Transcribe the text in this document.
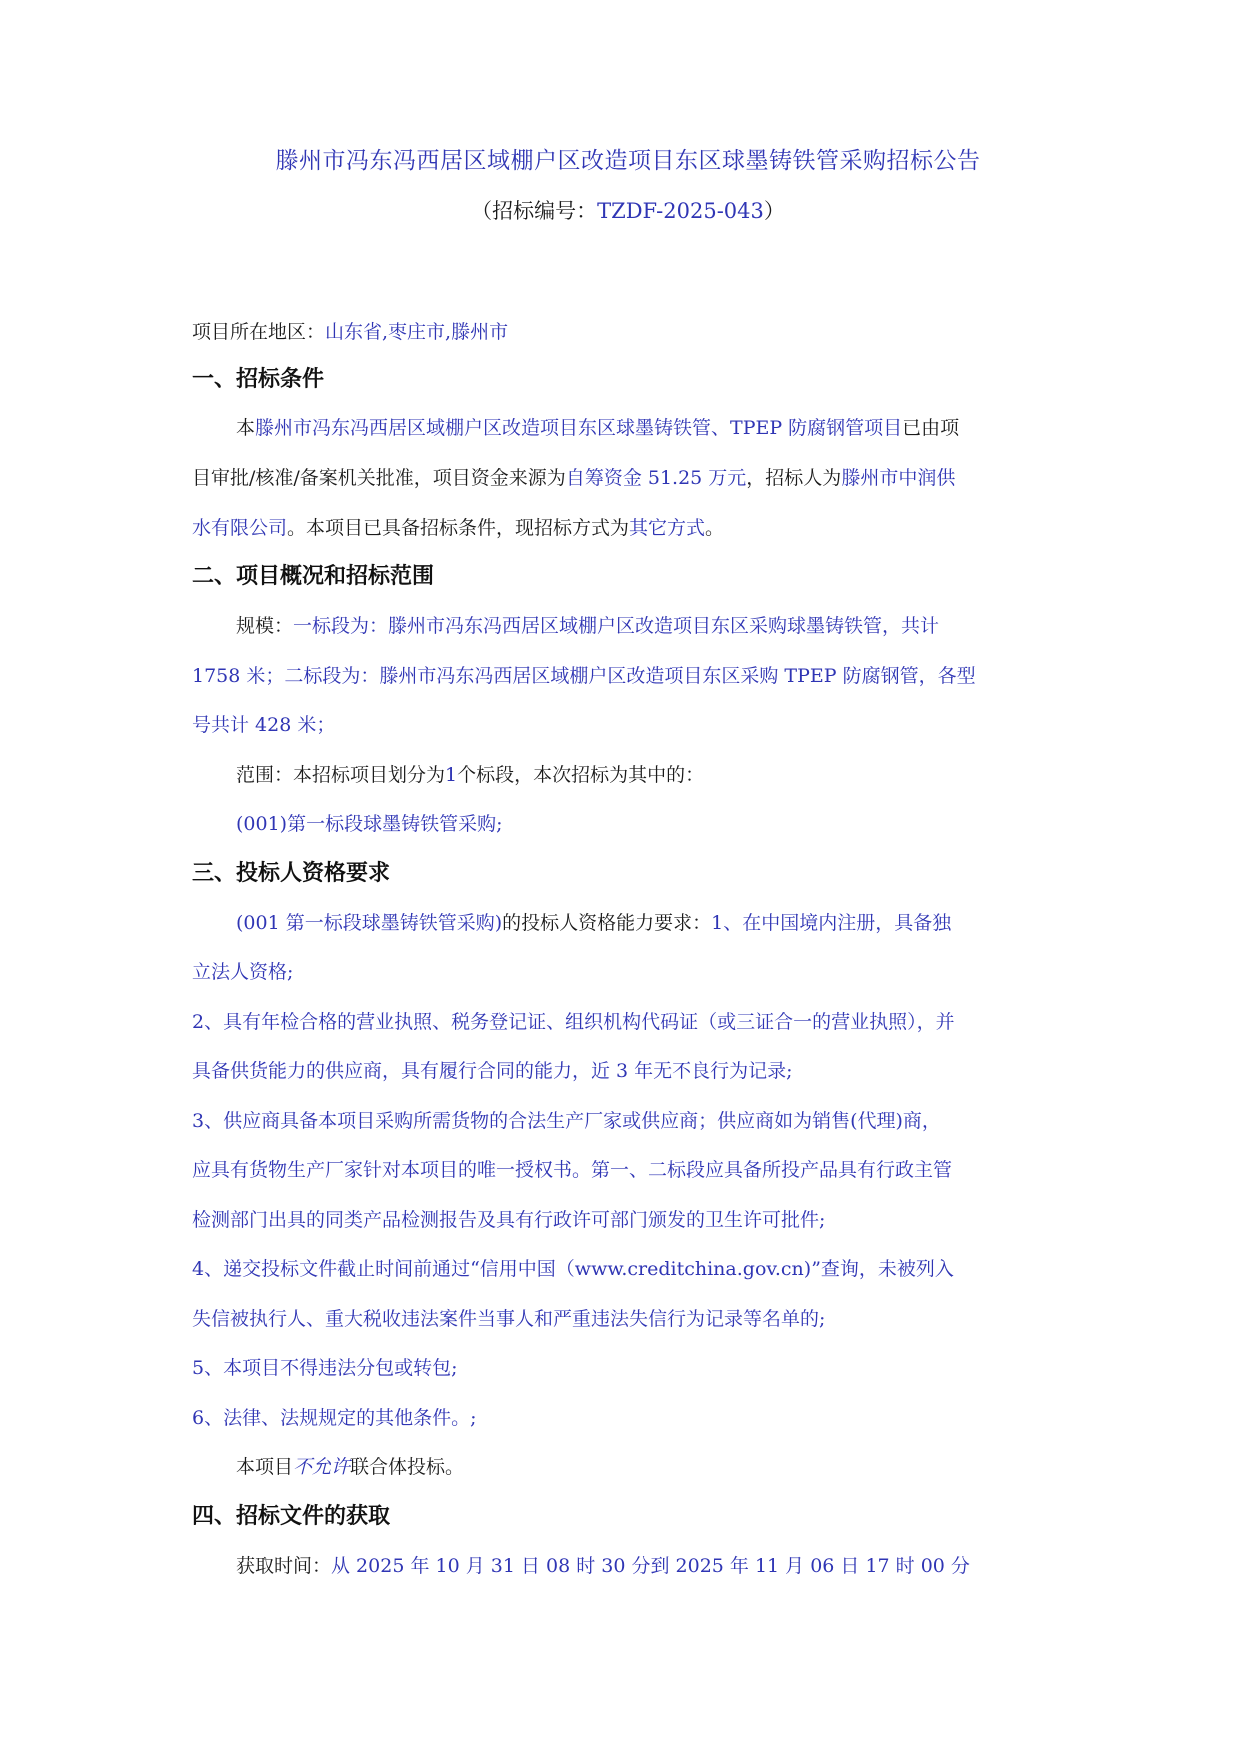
滕州市冯东冯西居区域棚户区改造项目东区球墨铸铁管采购招标公告
（招标编号：TZDF-2025-043）
项目所在地区：山东省,枣庄市,滕州市
一、招标条件
本滕州市冯东冯西居区域棚户区改造项目东区球墨铸铁管、TPEP 防腐钢管项目已由项
目审批/核准/备案机关批准，项目资金来源为自筹资金 51.25 万元，招标人为滕州市中润供
水有限公司。本项目已具备招标条件，现招标方式为其它方式。
二、项目概况和招标范围
规模：一标段为：滕州市冯东冯西居区域棚户区改造项目东区采购球墨铸铁管，共计
1758 米；二标段为：滕州市冯东冯西居区域棚户区改造项目东区采购 TPEP 防腐钢管，各型
号共计 428 米；
范围：本招标项目划分为1个标段，本次招标为其中的：
(001)第一标段球墨铸铁管采购;
三、投标人资格要求
(001 第一标段球墨铸铁管采购)的投标人资格能力要求：1、在中国境内注册，具备独
立法人资格;
2、具有年检合格的营业执照、税务登记证、组织机构代码证（或三证合一的营业执照），并
具备供货能力的供应商，具有履行合同的能力，近 3 年无不良行为记录;
3、供应商具备本项目采购所需货物的合法生产厂家或供应商；供应商如为销售(代理)商，
应具有货物生产厂家针对本项目的唯一授权书。第一、二标段应具备所投产品具有行政主管
检测部门出具的同类产品检测报告及具有行政许可部门颁发的卫生许可批件;
4、递交投标文件截止时间前通过“信用中国（www.creditchina.gov.cn)”查询，未被列入
失信被执行人、重大税收违法案件当事人和严重违法失信行为记录等名单的;
5、本项目不得违法分包或转包;
6、法律、法规规定的其他条件。;
本项目不允许联合体投标。
四、招标文件的获取
获取时间：从 2025 年 10 月 31 日 08 时 30 分到 2025 年 11 月 06 日 17 时 00 分
